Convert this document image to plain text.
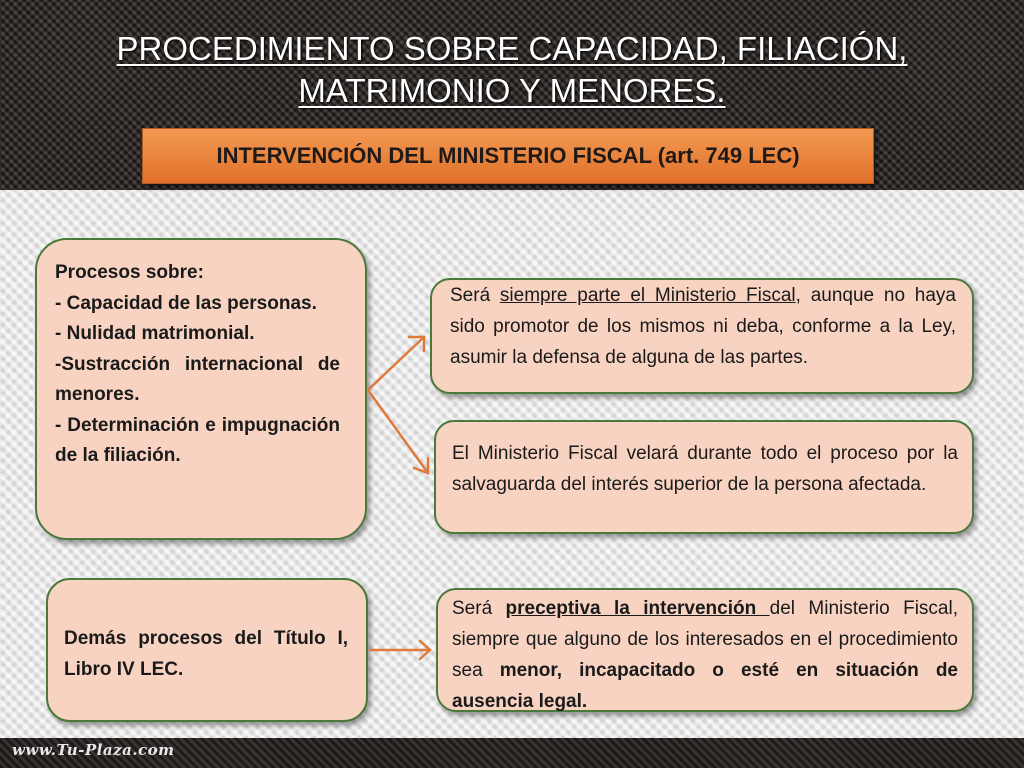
PROCEDIMIENTO SOBRE CAPACIDAD, FILIACIÓN,
MATRIMONIO Y MENORES.
INTERVENCIÓN DEL MINISTERIO FISCAL (art. 749 LEC)

Procesos sobre:

- Capacidad de las personas.

- Nulidad matrimonial.

-Sustracción internacional de menores.

- Determinación e impugnación de la filiación.

Demás procesos del Título I, Libro IV LEC.

Será siempre parte el Ministerio Fiscal, aunque no haya sido promotor de los mismos ni deba, conforme a la Ley, asumir la defensa de alguna de las partes.

El Ministerio Fiscal velará durante todo el proceso por la salvaguarda del interés superior de la persona afectada.

Será preceptiva la intervención del Ministerio Fiscal, siempre que alguno de los interesados en el procedimiento sea menor, incapacitado o esté en situación de ausencia legal.

www.Tu-Plaza.com
